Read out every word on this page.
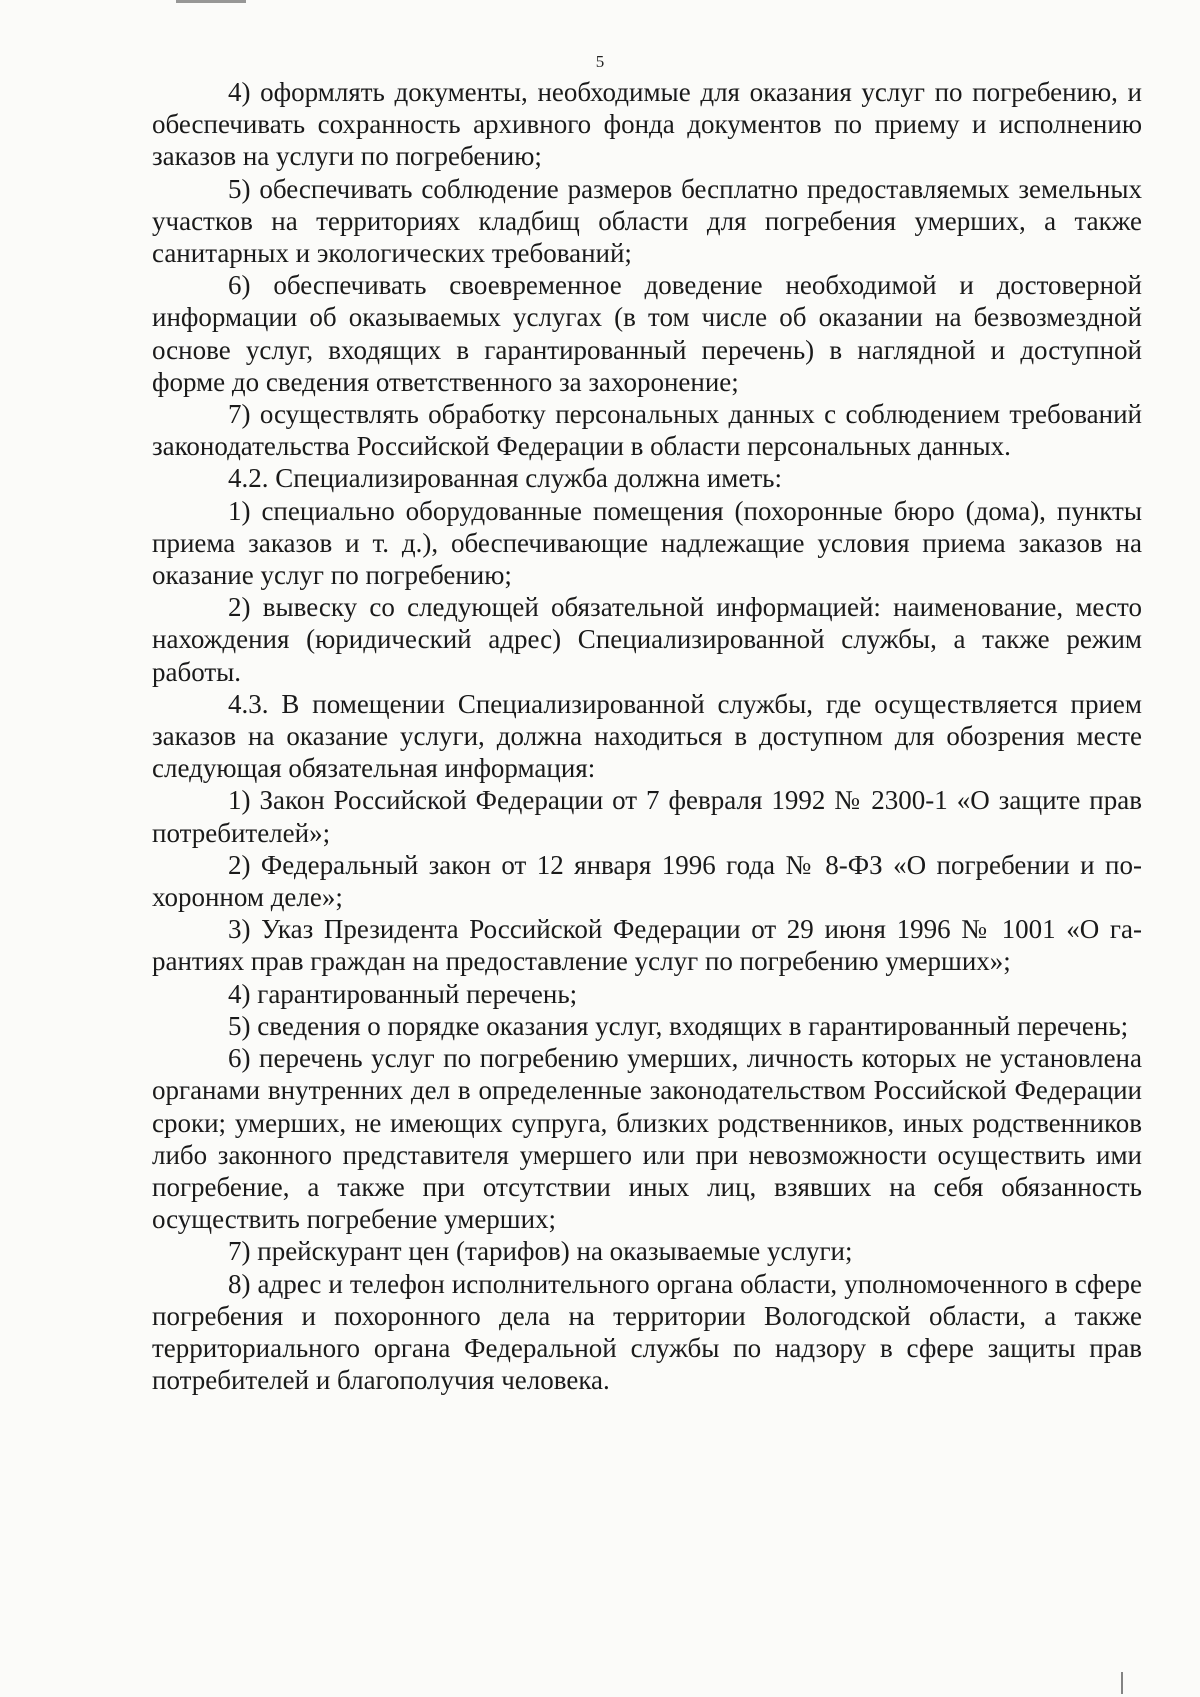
5

4) оформлять документы, необходимые для оказания услуг по погребению, и обеспечивать сохранность архивного фонда документов по приему и исполнению заказов на услуги по погребению;

5) обеспечивать соблюдение размеров бесплатно предоставляемых земельных участков на территориях кладбищ области для погребения умерших, а также санитарных и экологических требований;

6) обеспечивать своевременное доведение необходимой и достоверной информации об оказываемых услугах (в том числе об оказании на безвозмездной основе услуг, входящих в гарантированный перечень) в наглядной и доступной форме до сведения ответственного за захоронение;

7) осуществлять обработку персональных данных с соблюдением требований законодательства Российской Федерации в области персональных данных.

4.2. Специализированная служба должна иметь:

1) специально оборудованные помещения (похоронные бюро (дома), пункты приема заказов и т. д.), обеспечивающие надлежащие условия приема заказов на оказание услуг по погребению;

2) вывеску со следующей обязательной информацией: наименование, место нахождения (юридический адрес) Специализированной службы, а также режим работы.

4.3. В помещении Специализированной службы, где осуществляется прием заказов на оказание услуги, должна находиться в доступном для обозрения месте следующая обязательная информация:

1) Закон Российской Федерации от 7 февраля 1992 № 2300-1 «О защите прав потребителей»;

2) Федеральный закон от 12 января 1996 года № 8-ФЗ «О погребении и похоронном деле»;

3) Указ Президента Российской Федерации от 29 июня 1996 № 1001 «О гарантиях прав граждан на предоставление услуг по погребению умерших»;

4) гарантированный перечень;

5) сведения о порядке оказания услуг, входящих в гарантированный перечень;

6) перечень услуг по погребению умерших, личность которых не установлена органами внутренних дел в определенные законодательством Российской Федерации сроки; умерших, не имеющих супруга, близких родственников, иных родственников либо законного представителя умершего или при невозможности осуществить ими погребение, а также при отсутствии иных лиц, взявших на себя обязанность осуществить погребение умерших;

7) прейскурант цен (тарифов) на оказываемые услуги;

8) адрес и телефон исполнительного органа области, уполномоченного в сфере погребения и похоронного дела на территории Вологодской области, а также территориального органа Федеральной службы по надзору в сфере защиты прав потребителей и благополучия человека.
